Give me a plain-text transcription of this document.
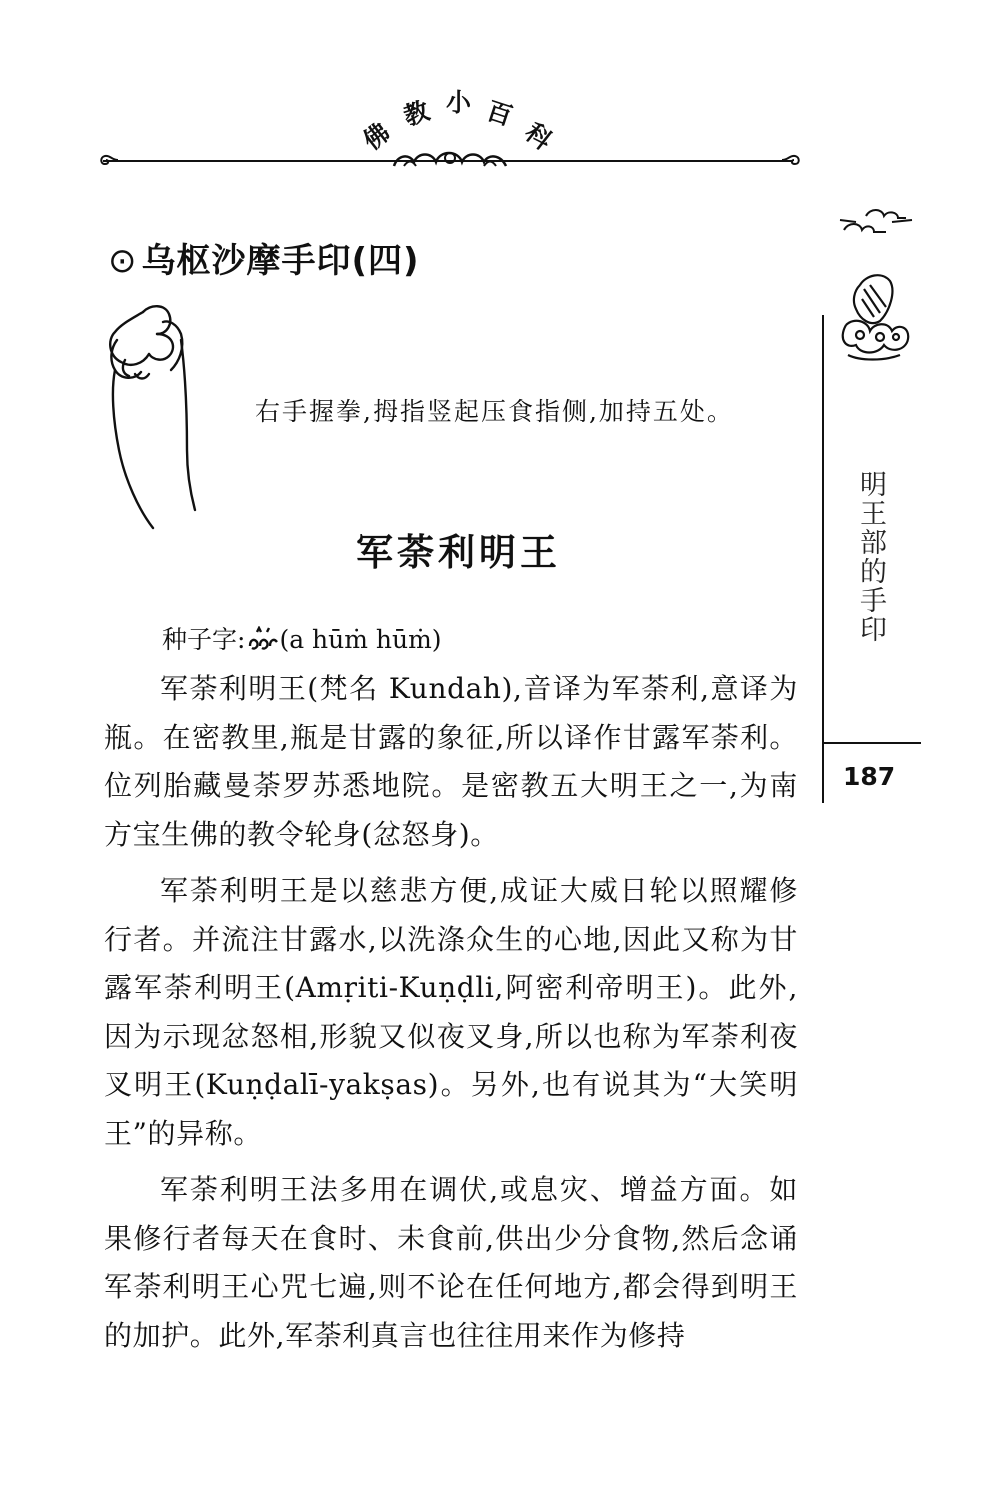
佛
教 小 百
科
⊙ 乌枢沙摩手印(四)
右手握拳,拇指竖起压食指侧,加持五处。
军荼利明王
种子字: (a hūṁ hūṁ)

军荼利明王(梵名 Kundah),音译为军荼利,意译为瓶。在密教里,瓶是甘露的象征,所以译作甘露军荼利。位列胎藏曼荼罗苏悉地院。是密教五大明王之一,为南方宝生佛的教令轮身(忿怒身)。

军荼利明王是以慈悲方便,成证大威日轮以照耀修行者。并流注甘露水,以洗涤众生的心地,因此又称为甘露军荼利明王(Amṛiti-Kuṇḍli,阿密利帝明王)。此外,因为示现忿怒相,形貌又似夜叉身,所以也称为军荼利夜叉明王(Kuṇḍalī-yakṣas)。另外,也有说其为“大笑明王”的异称。

军荼利明王法多用在调伏,或息灾、增益方面。如果修行者每天在食时、未食前,供出少分食物,然后念诵军荼利明王心咒七遍,则不论在任何地方,都会得到明王的加护。此外,军荼利真言也往往用来作为修持

明王部的手印
187
